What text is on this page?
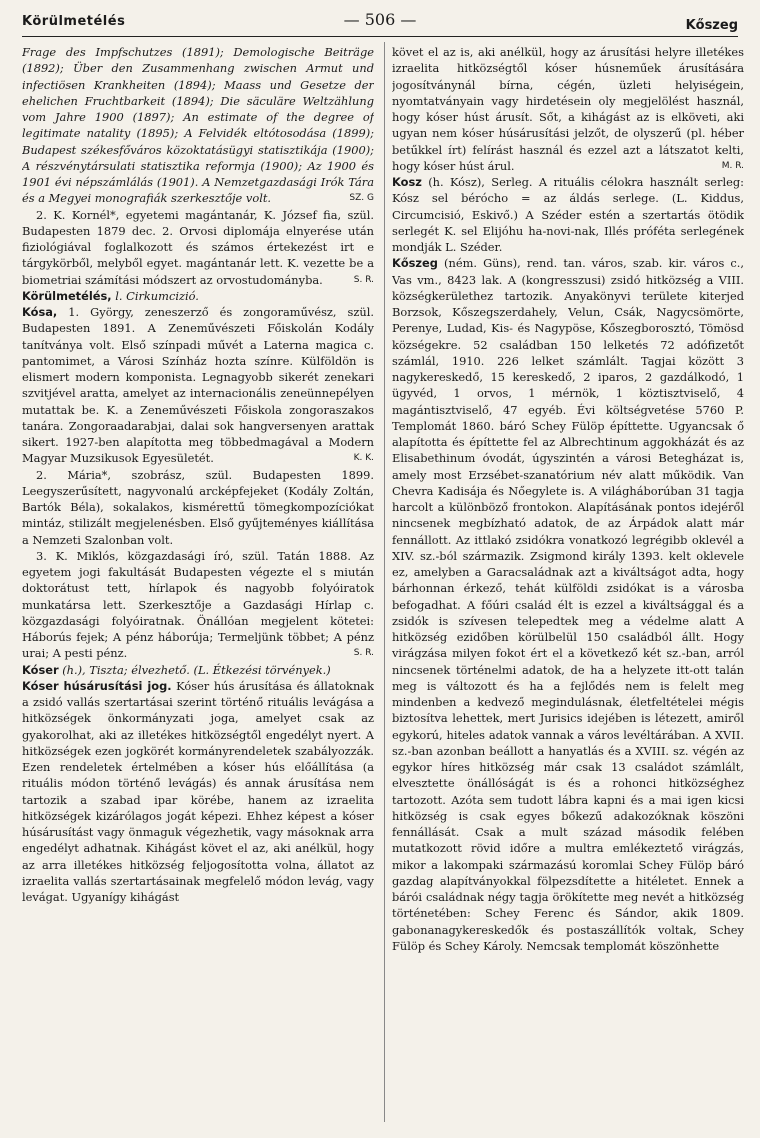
Körülmetélés	— 506 —	Kőszeg

Frage des Impfschutzes (1891); Demologische Beiträge (1892); Über den Zusammenhang zwischen Armut und infectiösen Krankheiten (1894); Maass und Gesetze der ehelichen Fruchtbarkeit (1894); Die säculäre Weltzählung vom Jahre 1900 (1897); An estimate of the degree of legitimate natality (1895); A Felvidék eltótosodása (1899); Budapest székesfőváros közoktatásügyi statisztikája (1900); A részvénytársulati statisztika reformja (1900); Az 1900 és 1901 évi népszámlálás (1901). A Nemzetgazdasági Irók Tára és a Megyei monografiák szerkesztője volt.	SZ. G

2. K. Kornél*, egyetemi magántanár, K. József fia, szül. Budapesten 1879 dec. 2. Orvosi diplomája elnyerése után fiziológiával foglalkozott és számos értekezést irt e tárgykörből, melyből egyet. magántanár lett. K. vezette be a biometriai számítási módszert az orvostudományba.	S. R.

Körülmetélés, l. Cirkumcizió.

Kósa, 1. György, zeneszerző és zongoraművész, szül. Budapesten 1891. A Zeneművészeti Főiskolán Kodály tanítványa volt. Első színpadi művét a Laterna magica c. pantomimet, a Városi Színház hozta színre. Külföldön is elismert modern komponista. Legnagyobb sikerét zenekari szvitjével aratta, amelyet az internacionális zeneünnepélyen mutattak be. K. a Zeneművészeti Főiskola zongoraszakos tanára. Zongoraadarabjai, dalai sok hangversenyen arattak sikert. 1927-ben alapította meg többedmagával a Modern Magyar Muzsikusok Egyesületét.	K. K.

2. Mária*, szobrász, szül. Budapesten 1899. Leegyszerűsített, nagyvonalú arcképfejeket (Kodály Zoltán, Bartók Béla), sokalakos, kismérettű tömegkompozíciókat mintáz, stilizált megjelenésben. Első gyűjteményes kiállítása a Nemzeti Szalonban volt.

3. K. Miklós, közgazdasági író, szül. Tatán 1888. Az egyetem jogi fakultását Budapesten végezte el s miután doktorátust tett, hírlapok és nagyobb folyóiratok munkatársa lett. Szerkesztője a Gazdasági Hírlap c. közgazdasági folyóiratnak. Önállóan megjelent kötetei: Háborús fejek; A pénz háborúja; Termeljünk többet; A pénz urai; A pesti pénz.	S. R.

Kóser (h.), Tiszta; élvezhető. (L. Étkezési törvények.)

Kóser húsárusítási jog. Kóser hús árusítása és állatoknak a zsidó vallás szertartásai szerint történő rituális levágása a hitközségek önkormányzati joga, amelyet csak az gyakorolhat, aki az illetékes hitközségtől engedélyt nyert. A hitközségek ezen jogkörét kormányrendeletek szabályozzák. Ezen rendeletek értelmében a kóser hús előállítása (a rituális módon történő levágás) és annak árusítása nem tartozik a szabad ipar körébe, hanem az izraelita hitközségek kizárólagos jogát képezi. Ehhez képest a kóser húsárusítást vagy önmaguk végezhetik, vagy másoknak arra engedélyt adhatnak. Kihágást követ el az, aki anélkül, hogy az arra illetékes hitközség feljogosította volna, állatot az izraelita vallás szertartásainak megfelelő módon levág, vagy levágat. Ugyanígy kihágást

követ el az is, aki anélkül, hogy az árusítási helyre illetékes izraelita hitközségtől kóser húsneműek árusítására jogosítványnál bírna, cégén, üzleti helyiségein, nyomtatványain vagy hirdetésein oly megjelölést használ, hogy kóser húst árusít. Sőt, a kihágást az is elköveti, aki ugyan nem kóser húsárusítási jelzőt, de olyszerű (pl. héber betűkkel írt) felírást használ és ezzel azt a látszatot kelti, hogy kóser húst árul.	M. R.

Kosz (h. Kósz), Serleg. A rituális célokra használt serleg: Kósz sel bérócho = az áldás serlege. (L. Kiddus, Circumcisió, Eskivő.) A Széder estén a szertartás ötödik serlegét K. sel Elijóhu ha-novi-nak, Illés próféta serlegének mondják L. Széder.

Kőszeg (ném. Güns), rend. tan. város, szab. kir. város c., Vas vm., 8423 lak. A (kongresszusi) zsidó hitközség a VIII. községkerülethez tartozik. Anyakönyvi területe kiterjed Borzsok, Kőszegszerdahely, Velun, Csák, Nagycsömörte, Perenye, Ludad, Kis- és Nagypöse, Kőszegborosztó, Tömösd községekre. 52 családban 150 lelketés 72 adófizetőt számlál, 1910. 226 lelket számlált. Tagjai között 3 nagykereskedő, 15 kereskedő, 2 iparos, 2 gazdálkodó, 1 ügyvéd, 1 orvos, 1 mérnök, 1 köztisztviselő, 4 magántisztviselő, 47 egyéb. Évi költségvetése 5760 P. Templomát 1860. báró Schey Fülöp építtette. Ugyancsak ő alapította és építtette fel az Albrechtinum aggokházát és az Elisabethinum óvodát, úgyszintén a városi Betegházat is, amely most Erzsébet-szanatórium név alatt működik. Van Chevra Kadisája és Nőegylete is. A világháborúban 31 tagja harcolt a különböző frontokon. Alapításának pontos idejéről nincsenek megbízható adatok, de az Árpádok alatt már fennállott. Az ittlakó zsidókra vonatkozó legrégibb oklevél a XIV. sz.-ból származik. Zsigmond király 1393. kelt oklevele ez, amelyben a Garacsaládnak azt a kiváltságot adta, hogy bárhonnan érkező, tehát külföldi zsidókat is a városba befogadhat. A főúri család élt is ezzel a kiváltsággal és a zsidók is szívesen telepedtek meg a védelme alatt A hitközség ezidőben körülbelül 150 családból állt. Hogy virágzása milyen fokot ért el a következő két sz.-ban, arról nincsenek történelmi adatok, de ha a helyzete itt-ott talán meg is változott és ha a fejlődés nem is felelt meg mindenben a kedvező megindulásnak, életfeltételei mégis biztosítva lehettek, mert Jurisics idejében is létezett, amiről egykorú, hiteles adatok vannak a város levéltárában. A XVII. sz.-ban azonban beállott a hanyatlás és a XVIII. sz. végén az egykor híres hitközség már csak 13 családot számlált, elvesztette önállóságát is és a rohonci hitközséghez tartozott. Azóta sem tudott lábra kapni és a mai igen kicsi hitközség is csak egyes bőkezű adakozóknak köszöni fennállását. Csak a mult század második felében mutatkozott rövid időre a multra emlékeztető virágzás, mikor a lakompaki származású koromlai Schey Fülöp báró gazdag alapítványokkal fölpezsdítette a hitéletet. Ennek a bárói családnak négy tagja örökítette meg nevét a hitközség történetében: Schey Ferenc és Sándor, akik 1809. gabonanagykereskedők és postaszállítók voltak, Schey Fülöp és Schey Károly. Nemcsak templomát köszönhette
